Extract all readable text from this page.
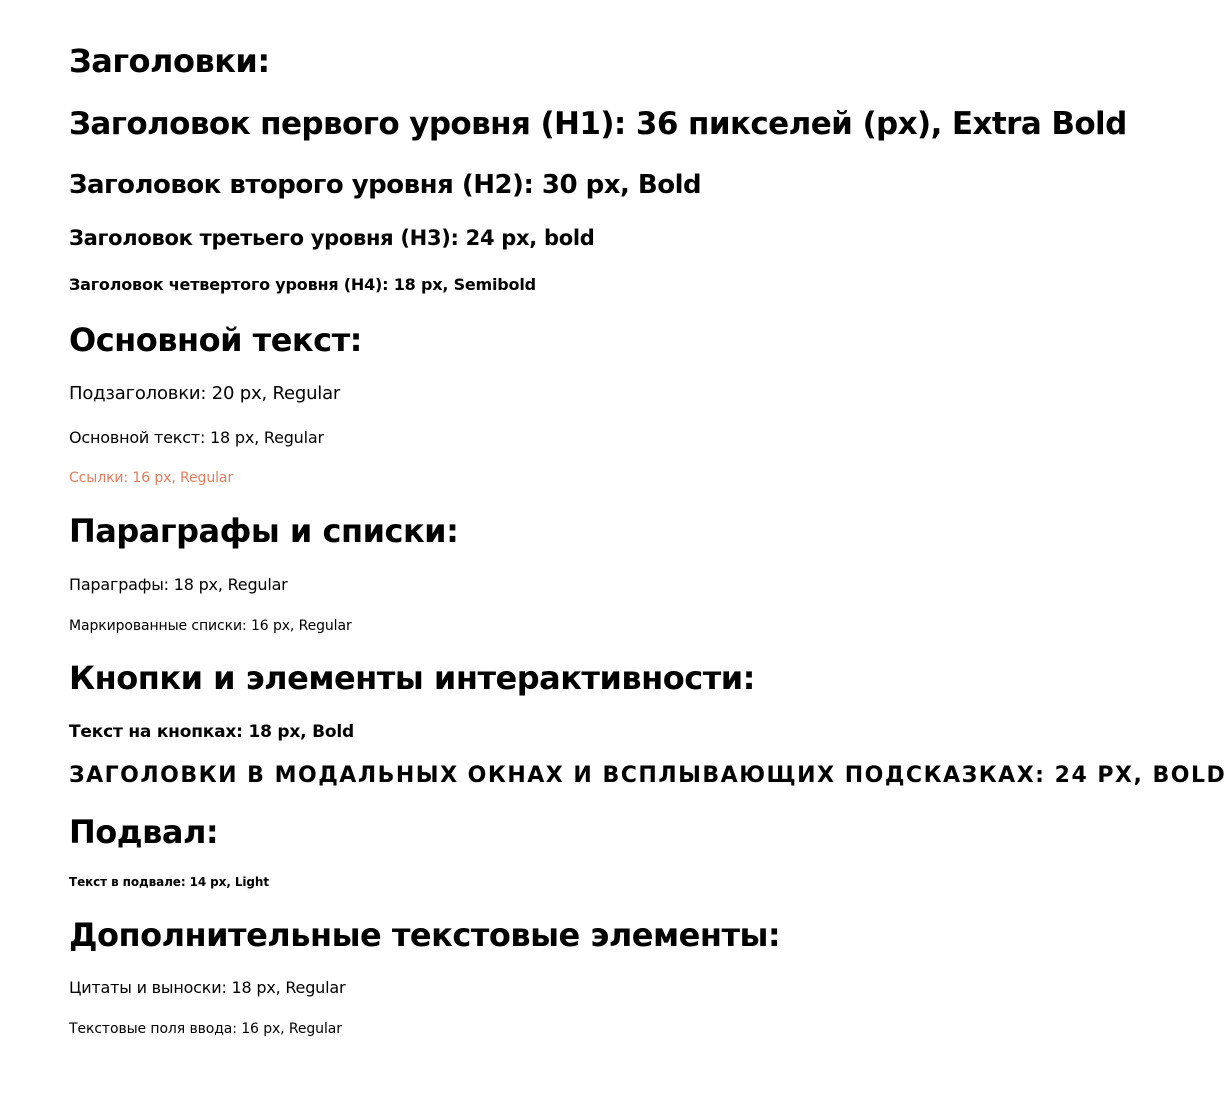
Заголовки:
Заголовок первого уровня (H1): 36 пикселей (px), Extra Bold
Заголовок второго уровня (H2): 30 px, Bold
Заголовок третьего уровня (H3): 24 px, bold
Заголовок четвертого уровня (H4): 18 px, Semibold
Основной текст:
Подзаголовки: 20 px, Regular
Основной текст: 18 px, Regular
Ссылки: 16 px, Regular
Параграфы и списки:
Параграфы: 18 px, Regular
Маркированные списки: 16 px, Regular
Кнопки и элементы интерактивности:
Текст на кнопках: 18 px, Bold
ЗАГОЛОВКИ В МОДАЛЬНЫХ ОКНАХ И ВСПЛЫВАЮЩИХ ПОДСКАЗКАХ: 24 PX, BOLD
Подвал:
Текст в подвале: 14 px, Light
Дополнительные текстовые элементы:
Цитаты и выноски: 18 px, Regular
Текстовые поля ввода: 16 px, Regular
